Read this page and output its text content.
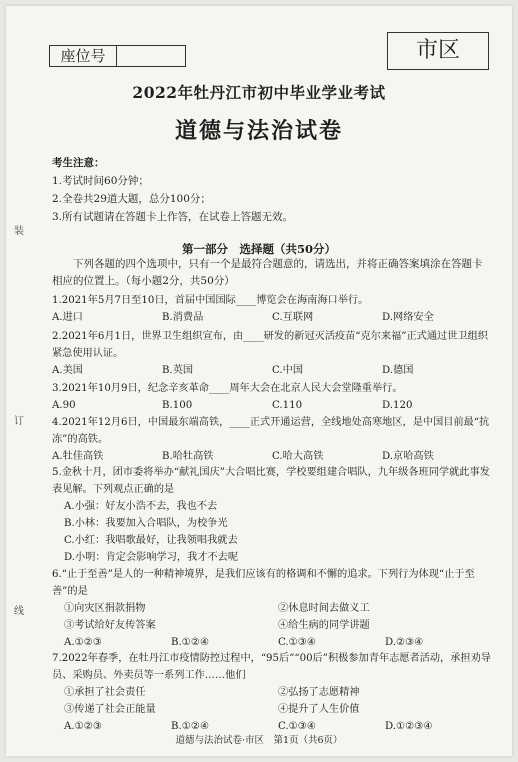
座位号	市区
2022年牡丹江市初中毕业学业考试
道德与法治试卷
考生注意：
1.考试时间60分钟；
2.全卷共29道大题，总分100分；
3.所有试题请在答题卡上作答，在试卷上答题无效。
第一部分　选择题（共50分）
下列各题的四个选项中，只有一个是最符合题意的，请选出，并将正确答案填涂在答题卡相应的位置上。（每小题2分，共50分）
1.2021年5月7日至10日，首届中国国际____博览会在海南海口举行。
A.进口	B.消费品	C.互联网	D.网络安全
2.2021年6月1日，世界卫生组织宣布，由____研发的新冠灭活疫苗“克尔来福”正式通过世卫组织紧急使用认证。
A.美国	B.英国	C.中国	D.德国
3.2021年10月9日，纪念辛亥革命____周年大会在北京人民大会堂隆重举行。
A.90	B.100	C.110	D.120
4.2021年12月6日，中国最东端高铁，____正式开通运营，全线地处高寒地区，是中国目前最“抗冻”的高铁。
A.牡佳高铁	B.哈牡高铁	C.哈大高铁	D.京哈高铁
5.金秋十月，团市委将举办“献礼国庆”大合唱比赛，学校要组建合唱队，九年级各班同学就此事发表见解。下列观点正确的是
A.小强：好友小浩不去，我也不去
B.小林：我要加入合唱队，为校争光
C.小红：我唱歌最好，让我领唱我就去
D.小明：肯定会影响学习，我才不去呢
6.“止于至善”是人的一种精神境界，是我们应该有的格调和不懈的追求。下列行为体现“止于至善”的是
①向灾区捐款捐物	②休息时间去做义工
③考试给好友传答案	④给生病的同学讲题
A.①②③	B.①②④	C.①③④	D.②③④
7.2022年春季，在牡丹江市疫情防控过程中，“95后”“00后”积极参加青年志愿者活动，承担劝导员、采购员、外卖员等一系列工作……他们
①承担了社会责任	②弘扬了志愿精神
③传递了社会正能量	④提升了人生价值
A.①②③	B.①②④	C.①③④	D.①②③④
道德与法治试卷·市区　第1页（共6页）
装
订
线
